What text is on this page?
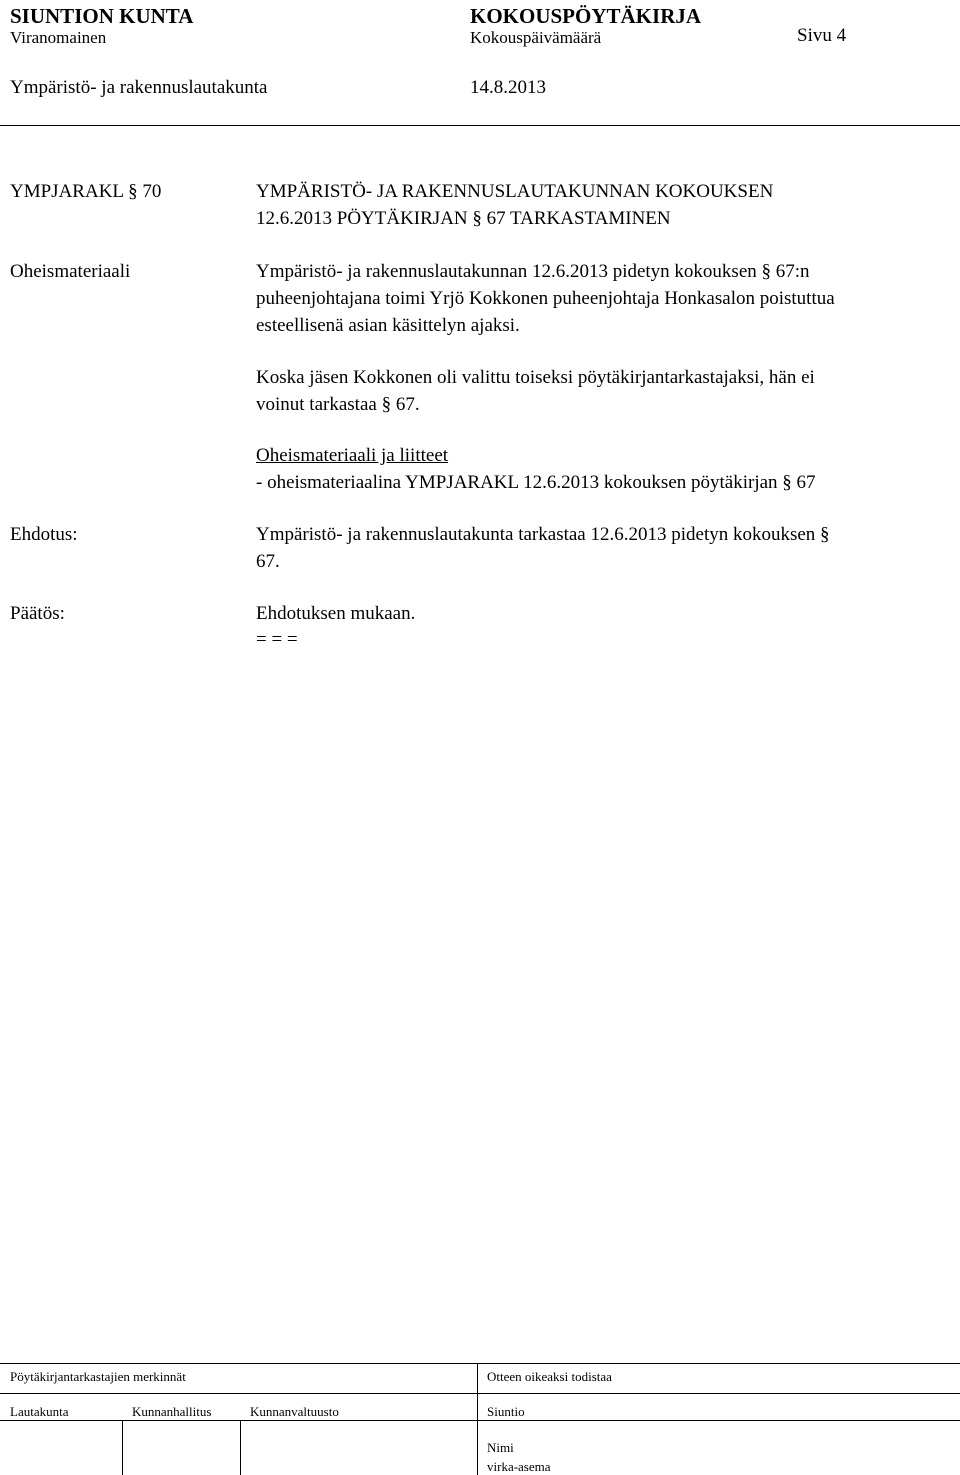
SIUNTION KUNTA	KOKOUSPÖYTÄKIRJA
Viranomainen	Kokouspäivämäärä	Sivu 4
Ympäristö- ja rakennuslautakunta	14.8.2013
YMPJARAKL § 70	YMPÄRISTÖ- JA RAKENNUSLAUTAKUNNAN KOKOUKSEN
12.6.2013 PÖYTÄKIRJAN § 67 TARKASTAMINEN
Oheismateriaali	Ympäristö- ja rakennuslautakunnan 12.6.2013 pidetyn kokouksen § 67:n
puheenjohtajana toimi Yrjö Kokkonen puheenjohtaja Honkasalon poistuttua
esteellisenä asian käsittelyn ajaksi.
Koska jäsen Kokkonen oli valittu toiseksi pöytäkirjantarkastajaksi, hän ei
voinut tarkastaa § 67.
Oheismateriaali ja liitteet
- oheismateriaalina YMPJARAKL 12.6.2013 kokouksen pöytäkirjan § 67
Ehdotus:	Ympäristö- ja rakennuslautakunta tarkastaa 12.6.2013 pidetyn kokouksen §
67.
Päätös:	Ehdotuksen mukaan.
= = =
Pöytäkirjantarkastajien merkinnät	Otteen oikeaksi todistaa
Lautakunta	Kunnanhallitus	Kunnanvaltuusto	Siuntio
Nimi
virka-asema
